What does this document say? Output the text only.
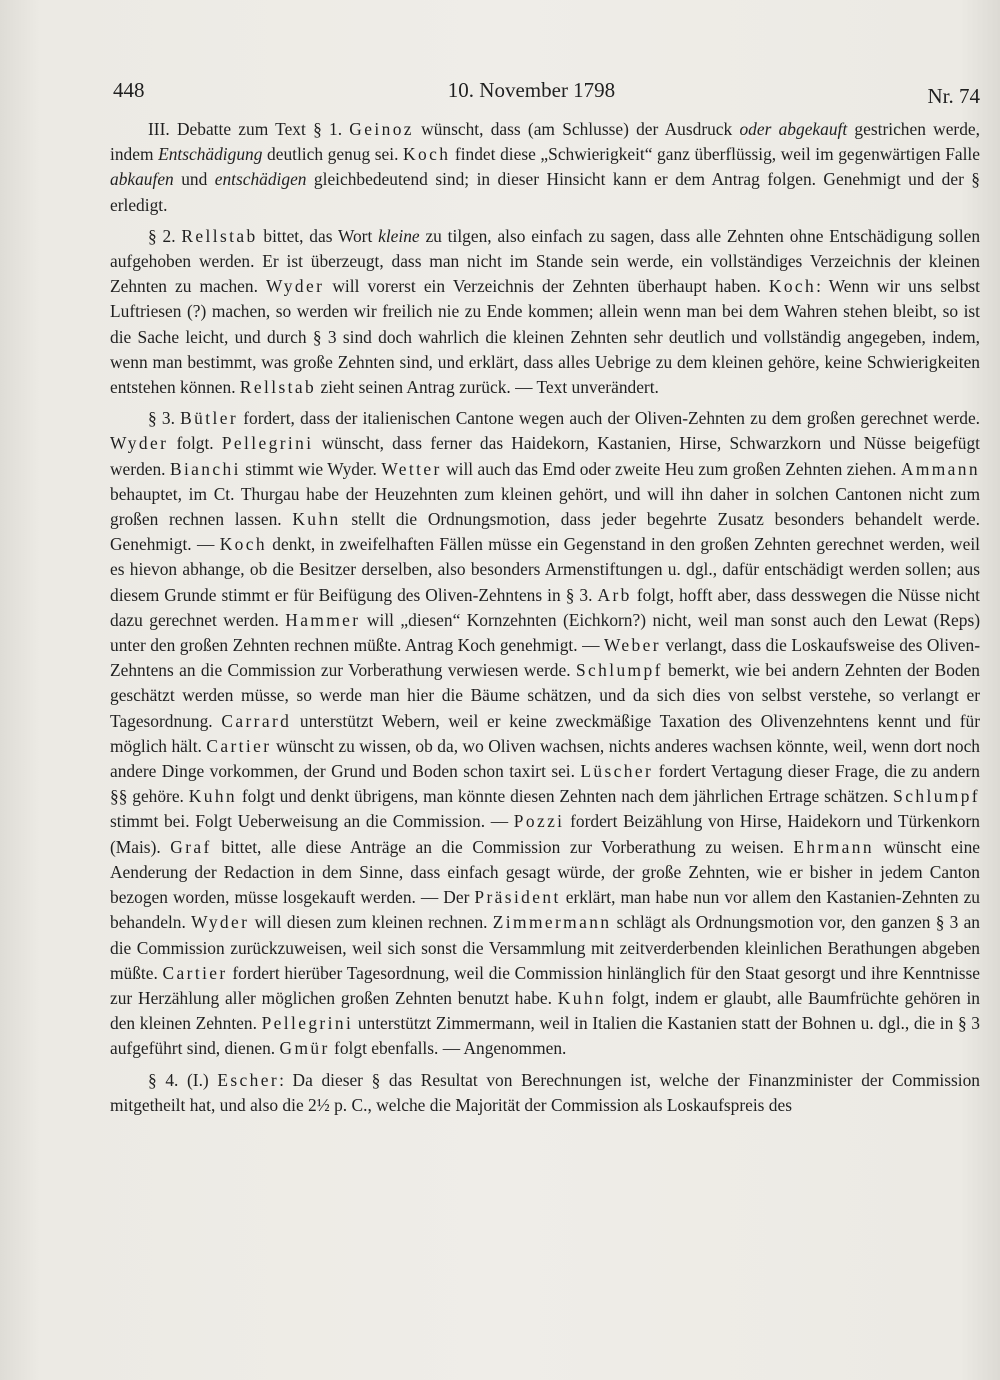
448	10. November 1798	Nr. 74

III. Debatte zum Text § 1. Geinoz wünscht, dass (am Schlusse) der Ausdruck oder abgekauft gestrichen werde, indem Entschädigung deutlich genug sei. Koch findet diese „Schwierigkeit“ ganz überflüssig, weil im gegenwärtigen Falle abkaufen und entschädigen gleichbedeutend sind; in dieser Hinsicht kann er dem Antrag folgen. Genehmigt und der § erledigt.

§ 2. Rellstab bittet, das Wort kleine zu tilgen, also einfach zu sagen, dass alle Zehnten ohne Entschädigung sollen aufgehoben werden. Er ist überzeugt, dass man nicht im Stande sein werde, ein vollständiges Verzeichnis der kleinen Zehnten zu machen. Wyder will vorerst ein Verzeichnis der Zehnten überhaupt haben. Koch: Wenn wir uns selbst Luftriesen (?) machen, so werden wir freilich nie zu Ende kommen; allein wenn man bei dem Wahren stehen bleibt, so ist die Sache leicht, und durch § 3 sind doch wahrlich die kleinen Zehnten sehr deutlich und vollständig angegeben, indem, wenn man bestimmt, was große Zehnten sind, und erklärt, dass alles Uebrige zu dem kleinen gehöre, keine Schwierigkeiten entstehen können. Rellstab zieht seinen Antrag zurück. — Text unverändert.

§ 3. Bütler fordert, dass der italienischen Cantone wegen auch der Oliven-Zehnten zu dem großen gerechnet werde. Wyder folgt. Pellegrini wünscht, dass ferner das Haidekorn, Kastanien, Hirse, Schwarzkorn und Nüsse beigefügt werden. Bianchi stimmt wie Wyder. Wetter will auch das Emd oder zweite Heu zum großen Zehnten ziehen. Ammann behauptet, im Ct. Thurgau habe der Heuzehnten zum kleinen gehört, und will ihn daher in solchen Cantonen nicht zum großen rechnen lassen. Kuhn stellt die Ordnungsmotion, dass jeder begehrte Zusatz besonders behandelt werde. Genehmigt. — Koch denkt, in zweifelhaften Fällen müsse ein Gegenstand in den großen Zehnten gerechnet werden, weil es hievon abhange, ob die Besitzer derselben, also besonders Armenstiftungen u. dgl., dafür entschädigt werden sollen; aus diesem Grunde stimmt er für Beifügung des Oliven-Zehntens in § 3. Arb folgt, hofft aber, dass desswegen die Nüsse nicht dazu gerechnet werden. Hammer will „diesen“ Kornzehnten (Eichkorn?) nicht, weil man sonst auch den Lewat (Reps) unter den großen Zehnten rechnen müßte. Antrag Koch genehmigt. — Weber verlangt, dass die Loskaufsweise des Oliven-Zehntens an die Commission zur Vorberathung verwiesen werde. Schlumpf bemerkt, wie bei andern Zehnten der Boden geschätzt werden müsse, so werde man hier die Bäume schätzen, und da sich dies von selbst verstehe, so verlangt er Tagesordnung. Carrard unterstützt Webern, weil er keine zweckmäßige Taxation des Olivenzehntens kennt und für möglich hält. Cartier wünscht zu wissen, ob da, wo Oliven wachsen, nichts anderes wachsen könnte, weil, wenn dort noch andere Dinge vorkommen, der Grund und Boden schon taxirt sei. Lüscher fordert Vertagung dieser Frage, die zu andern §§ gehöre. Kuhn folgt und denkt übrigens, man könnte diesen Zehnten nach dem jährlichen Ertrage schätzen. Schlumpf stimmt bei. Folgt Ueberweisung an die Commission. — Pozzi fordert Beizählung von Hirse, Haidekorn und Türkenkorn (Mais). Graf bittet, alle diese Anträge an die Commission zur Vorberathung zu weisen. Ehrmann wünscht eine Aenderung der Redaction in dem Sinne, dass einfach gesagt würde, der große Zehnten, wie er bisher in jedem Canton bezogen worden, müsse losgekauft werden. — Der Präsident erklärt, man habe nun vor allem den Kastanien-Zehnten zu behandeln. Wyder will diesen zum kleinen rechnen. Zimmermann schlägt als Ordnungsmotion vor, den ganzen § 3 an die Commission zurückzuweisen, weil sich sonst die Versammlung mit zeitverderbenden kleinlichen Berathungen abgeben müßte. Cartier fordert hierüber Tagesordnung, weil die Commission hinlänglich für den Staat gesorgt und ihre Kenntnisse zur Herzählung aller möglichen großen Zehnten benutzt habe. Kuhn folgt, indem er glaubt, alle Baumfrüchte gehören in den kleinen Zehnten. Pellegrini unterstützt Zimmermann, weil in Italien die Kastanien statt der Bohnen u. dgl., die in § 3 aufgeführt sind, dienen. Gmür folgt ebenfalls. — Angenommen.

§ 4. (I.) Escher: Da dieser § das Resultat von Berechnungen ist, welche der Finanzminister der Commission mitgetheilt hat, und also die 2½ p. C., welche die Majorität der Commission als Loskaufspreis des
